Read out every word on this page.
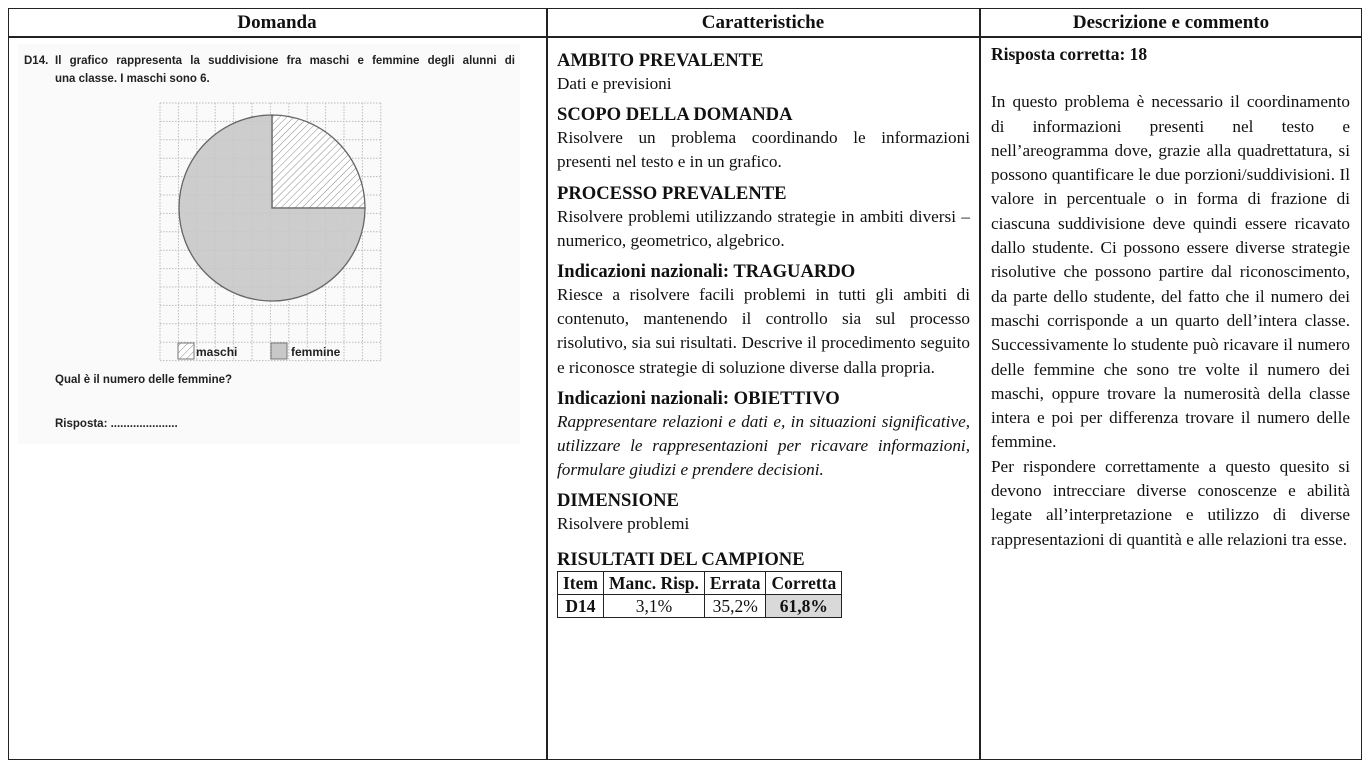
Domanda	Caratteristiche	Descrizione e commento
D14. Il grafico rappresenta la suddivisione fra maschi e femmine degli alunni di
una classe. I maschi sono 6.
maschi	femmine
Qual è il numero delle femmine?
Risposta: .....................
AMBITO PREVALENTE

Dati e previsioni

SCOPO DELLA DOMANDA

Risolvere un problema coordinando le informazioni presenti nel testo e in un grafico.

PROCESSO PREVALENTE

Risolvere problemi utilizzando strategie in ambiti diversi – numerico, geometrico, algebrico.

Indicazioni nazionali: TRAGUARDO

Riesce a risolvere facili problemi in tutti gli ambiti di contenuto, mantenendo il controllo sia sul processo risolutivo, sia sui risultati. Descrive il procedimento seguito e riconosce strategie di soluzione diverse dalla propria.

Indicazioni nazionali: OBIETTIVO

Rappresentare relazioni e dati e, in situazioni significative, utilizzare le rappresentazioni per ricavare informazioni, formulare giudizi e prendere decisioni.

DIMENSIONE

Risolvere problemi

RISULTATI DEL CAMPIONE
Item	Manc. Risp.	Errata	Corretta
D14	3,1%	35,2%	61,8%
Risposta corretta: 18

In questo problema è necessario il coordinamento di informazioni presenti nel testo e nell’areogramma dove, grazie alla quadrettatura, si possono quantificare le due porzioni/suddivisioni. Il valore in percentuale o in forma di frazione di ciascuna suddivisione deve quindi essere ricavato dallo studente. Ci possono essere diverse strategie risolutive che possono partire dal riconoscimento, da parte dello studente, del fatto che il numero dei maschi corrisponde a un quarto dell’intera classe. Successivamente lo studente può ricavare il numero delle femmine che sono tre volte il numero dei maschi, oppure trovare la numerosità della classe intera e poi per differenza trovare il numero delle femmine.

Per rispondere correttamente a questo quesito si devono intrecciare diverse conoscenze e abilità legate all’interpretazione e utilizzo di diverse rappresentazioni di quantità e alle relazioni tra esse.
